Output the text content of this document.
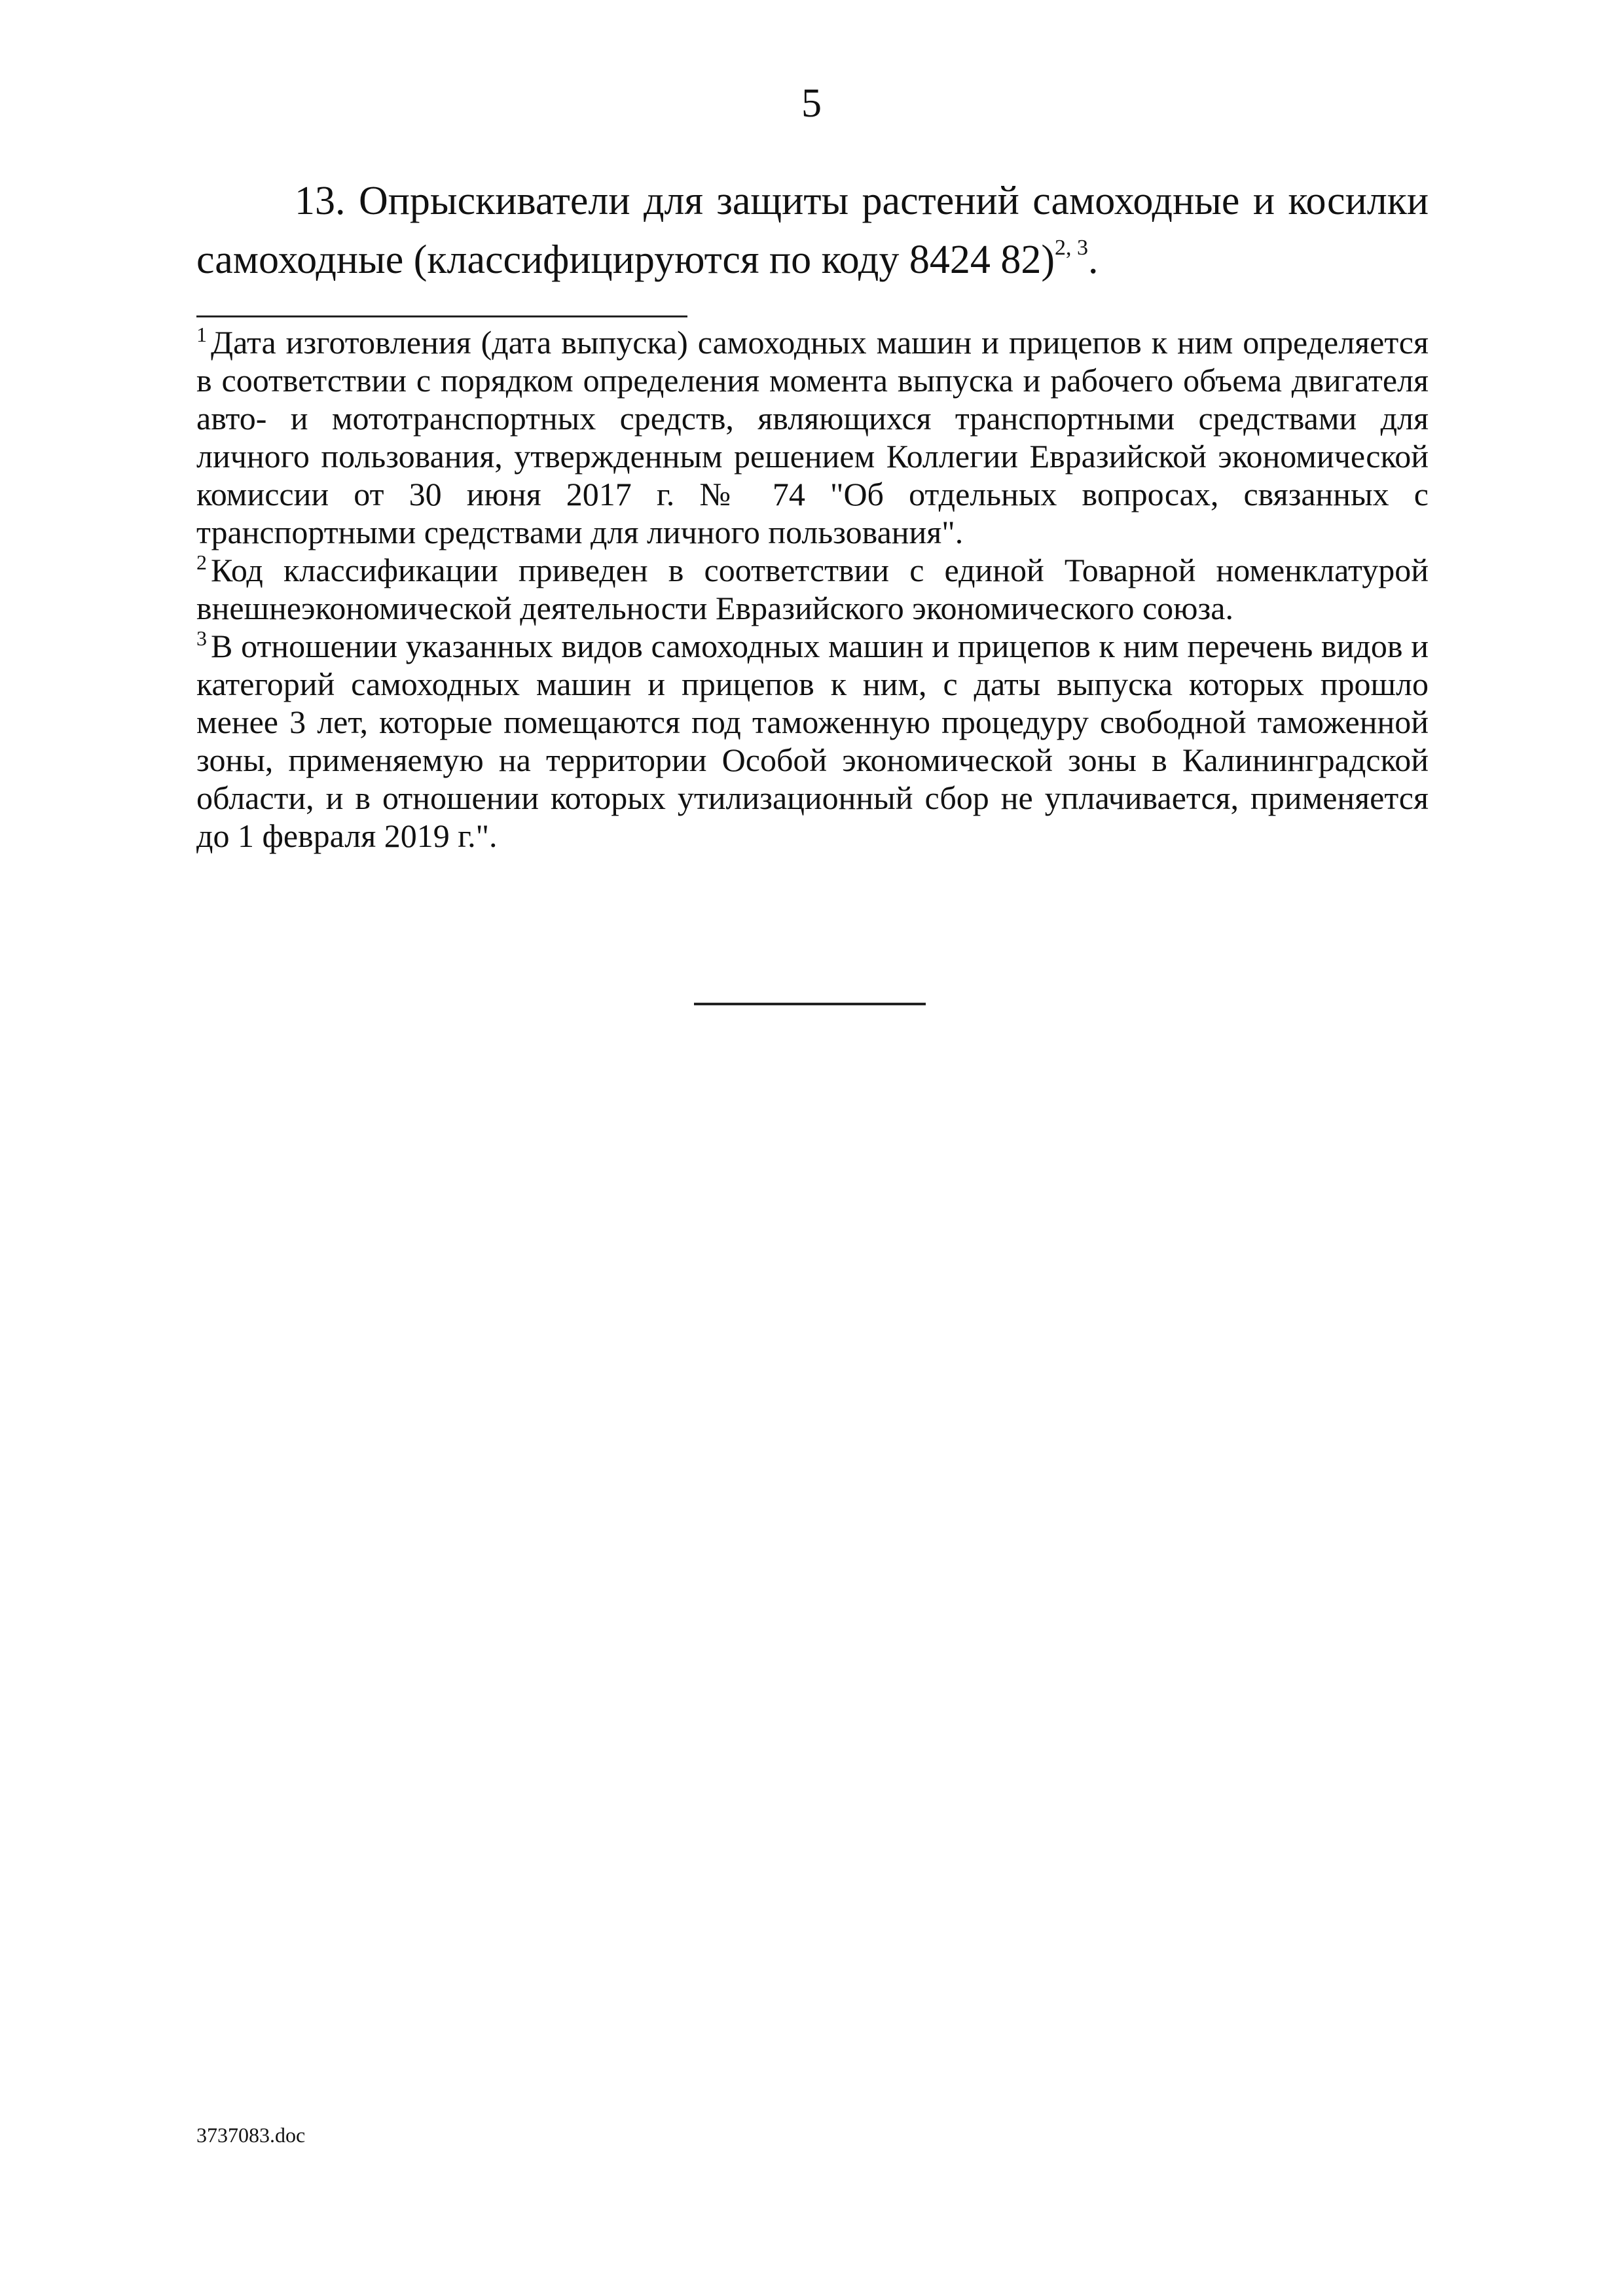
5
13. Опрыскиватели для защиты растений самоходные и косилки
самоходные (классифицируются по коду 8424 82)$^{2, 3}$.

$^1$ Дата изготовления (дата выпуска) самоходных машин и прицепов к ним определяется в соответствии с порядком определения момента выпуска и рабочего объема двигателя авто- и мототранспортных средств, являющихся транспортными средствами для личного пользования, утвержденным решением Коллегии Евразийской экономической комиссии от 30 июня 2017 г. № 74 "Об отдельных вопросах, связанных с транспортными средствами для личного пользования".

$^2$ Код классификации приведен в соответствии с единой Товарной номенклатурой внешнеэкономической деятельности Евразийского экономического союза.

$^3$ В отношении указанных видов самоходных машин и прицепов к ним перечень видов и категорий самоходных машин и прицепов к ним, с даты выпуска которых прошло менее 3 лет, которые помещаются под таможенную процедуру свободной таможенной зоны, применяемую на территории Особой экономической зоны в Калининградской области, и в отношении которых утилизационный сбор не уплачивается, применяется до 1 февраля 2019 г.".

3737083.doc
